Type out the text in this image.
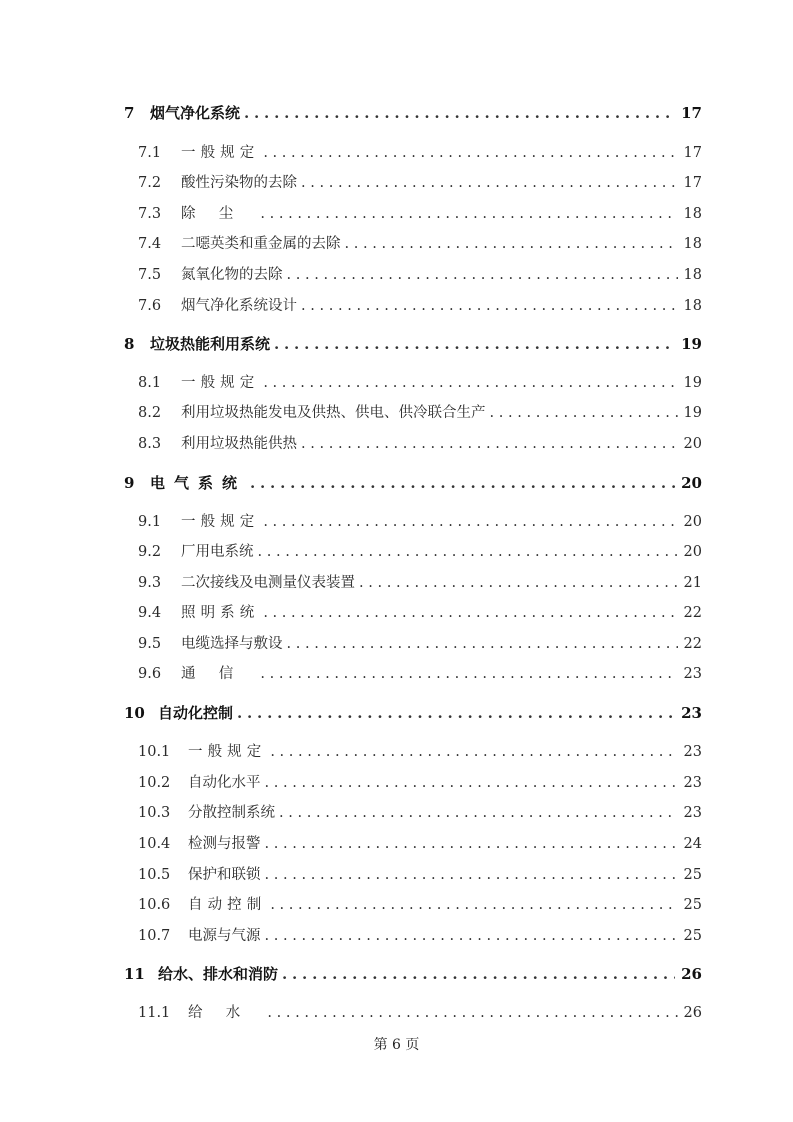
7	烟气净化系统 .....	17
7.1	一般规定 .....	17
7.2	酸性污染物的去除 .....	17
7.3	除尘 .....	18
7.4	二噁英类和重金属的去除 .....	18
7.5	氮氧化物的去除 .....	18
7.6	烟气净化系统设计 .....	18
8	垃圾热能利用系统 .....	19
8.1	一般规定 .....	19
8.2	利用垃圾热能发电及供热、供电、供冷联合生产 .....	19
8.3	利用垃圾热能供热 .....	20
9	电气系统 .....	20
9.1	一般规定 .....	20
9.2	厂用电系统 .....	20
9.3	二次接线及电测量仪表装置 .....	21
9.4	照明系统 .....	22
9.5	电缆选择与敷设 .....	22
9.6	通信 .....	23
10 自动化控制 .....	23
10.1	一般规定 .....	23
10.2	自动化水平 .....	23
10.3	分散控制系统 .....	23
10.4	检测与报警 .....	24
10.5	保护和联锁 .....	25
10.6	自动控制 .....	25
10.7	电源与气源 .....	25
11 给水、排水和消防 .....	26
11.1	给水 .....	26
第 6 页
